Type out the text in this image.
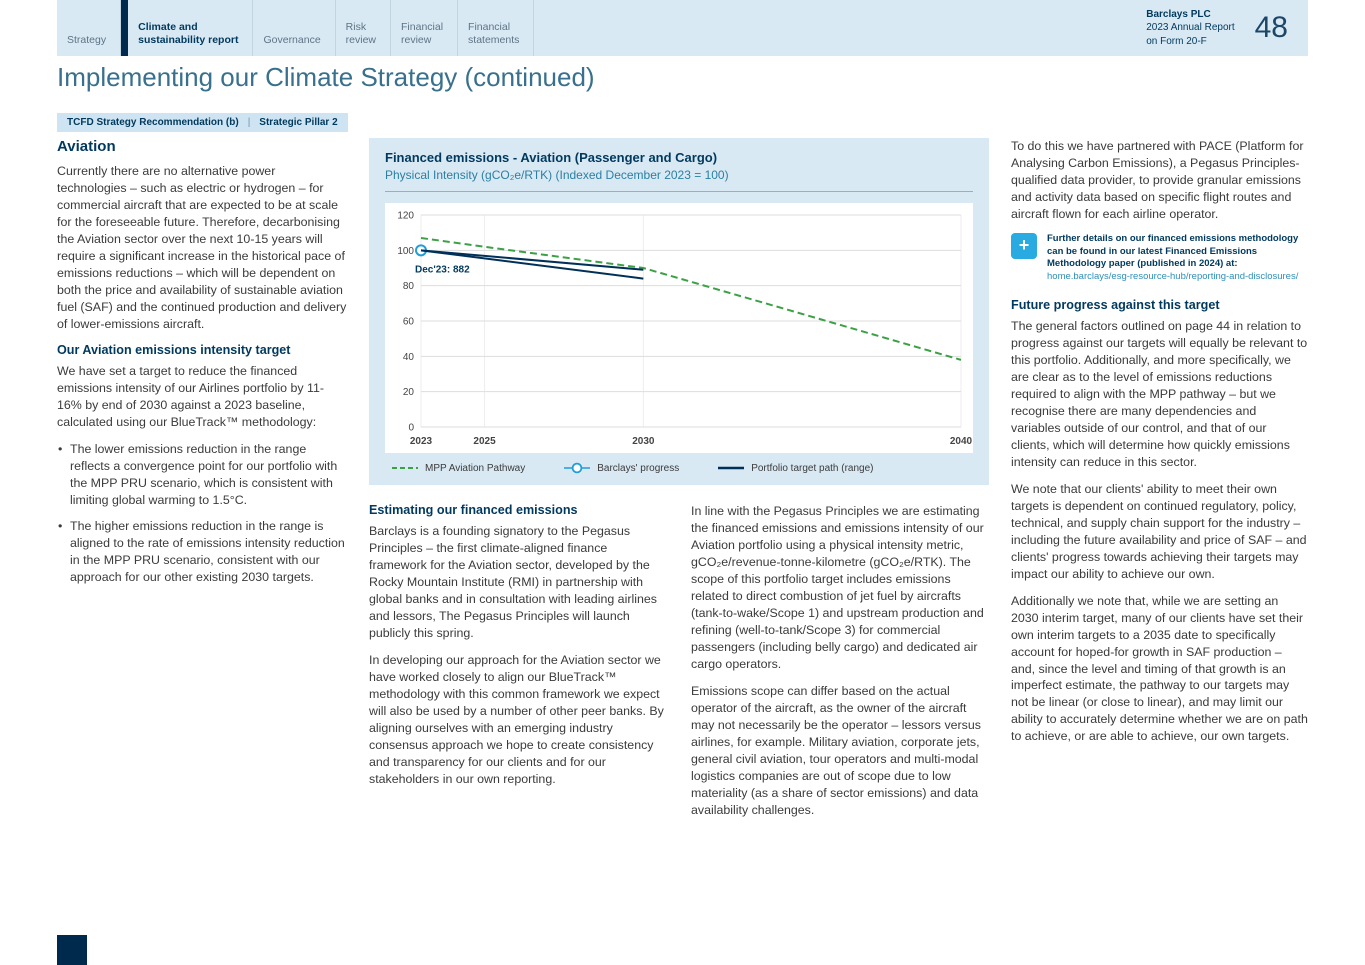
Strategy
Climate and
sustainability report Governance
Risk
review
Financial
review
Financial
statements
Barclays PLC
2023 Annual Report
on Form 20-F	48
Implementing our Climate Strategy (continued)
TCFD Strategy Recommendation (b) | Strategic Pillar 2
Aviation

Currently there are no alternative power technologies – such as electric or hydrogen – for commercial aircraft that are expected to be at scale for the foreseeable future. Therefore, decarbonising the Aviation sector over the next 10-15 years will require a significant increase in the historical pace of emissions reductions – which will be dependent on both the price and availability of sustainable aviation fuel (SAF) and the continued production and delivery of lower-emissions aircraft.

Our Aviation emissions intensity target

We have set a target to reduce the financed emissions intensity of our Airlines portfolio by 11-16% by end of 2030 against a 2023 baseline, calculated using our BlueTrack™ methodology:

• The lower emissions reduction in the range reflects a convergence point for our portfolio with the MPP PRU scenario, which is consistent with limiting global warming to 1.5°C.
• The higher emissions reduction in the range is aligned to the rate of emissions intensity reduction in the MPP PRU scenario, consistent with our approach for our other existing 2030 targets.
Financed emissions - Aviation (Passenger and Cargo)
Physical Intensity (gCO₂e/RTK) (Indexed December 2023 = 100)
0
20
40
60
80
100
120
2023	2025	2030	2040
Dec'23: 882
MPP Aviation Pathway	Barclays' progress	Portfolio target path (range)
Estimating our financed emissions

Barclays is a founding signatory to the Pegasus Principles – the first climate-aligned finance framework for the Aviation sector, developed by the Rocky Mountain Institute (RMI) in partnership with global banks and in consultation with leading airlines and lessors, The Pegasus Principles will launch publicly this spring.

In developing our approach for the Aviation sector we have worked closely to align our BlueTrack™ methodology with this common framework we expect will also be used by a number of other peer banks. By aligning ourselves with an emerging industry consensus approach we hope to create consistency and transparency for our clients and for our stakeholders in our own reporting.

In line with the Pegasus Principles we are estimating the financed emissions and emissions intensity of our Aviation portfolio using a physical intensity metric, gCO₂e/revenue-tonne-kilometre (gCO₂e/RTK). The scope of this portfolio target includes emissions related to direct combustion of jet fuel by aircrafts (tank-to-wake/Scope 1) and upstream production and refining (well-to-tank/Scope 3) for commercial passengers (including belly cargo) and dedicated air cargo operators.

Emissions scope can differ based on the actual operator of the aircraft, as the owner of the aircraft may not necessarily be the operator – lessors versus airlines, for example. Military aviation, corporate jets, general civil aviation, tour operators and multi-modal logistics companies are out of scope due to low materiality (as a share of sector emissions) and data availability challenges.

To do this we have partnered with PACE (Platform for Analysing Carbon Emissions), a Pegasus Principles-qualified data provider, to provide granular emissions and activity data based on specific flight routes and aircraft flown for each airline operator.

+	Further details on our financed emissions methodology can be found in our latest Financed Emissions Methodology paper (published in 2024) at: home.barclays/esg-resource-hub/reporting-and-disclosures/
Future progress against this target

The general factors outlined on page 44 in relation to progress against our targets will equally be relevant to this portfolio. Additionally, and more specifically, we are clear as to the level of emissions reductions required to align with the MPP pathway – but we recognise there are many dependencies and variables outside of our control, and that of our clients, which will determine how quickly emissions intensity can reduce in this sector.

We note that our clients' ability to meet their own targets is dependent on continued regulatory, policy, technical, and supply chain support for the industry – including the future availability and price of SAF – and clients' progress towards achieving their targets may impact our ability to achieve our own.

Additionally we note that, while we are setting an 2030 interim target, many of our clients have set their own interim targets to a 2035 date to specifically account for hoped-for growth in SAF production – and, since the level and timing of that growth is an imperfect estimate, the pathway to our targets may not be linear (or close to linear), and may limit our ability to accurately determine whether we are on path to achieve, or are able to achieve, our own targets.
